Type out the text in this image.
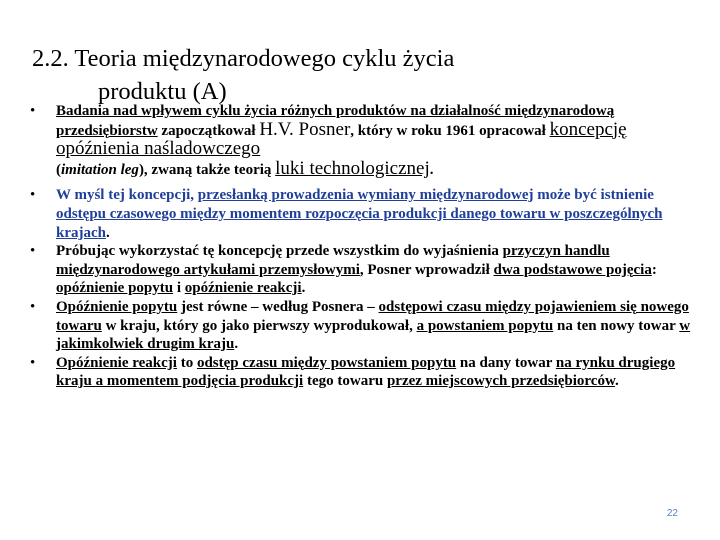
2.2. Teoria międzynarodowego cyklu życia
produktu (A)
• Badania nad wpływem cyklu życia różnych produktów na działalność międzynarodową przedsiębiorstw zapoczątkował H.V. Posner, który w roku 1961 opracował koncepcję opóźnienia naśladowczego
(imitation leg), zwaną także teorią luki technologicznej.
• W myśl tej koncepcji, przesłanką prowadzenia wymiany międzynarodowej może być istnienie odstępu czasowego między momentem rozpoczęcia produkcji danego towaru w poszczególnych krajach.
• Próbując wykorzystać tę koncepcję przede wszystkim do wyjaśnienia przyczyn handlu międzynarodowego artykułami przemysłowymi, Posner wprowadził dwa podstawowe pojęcia: opóźnienie popytu i opóźnienie reakcji.
• Opóźnienie popytu jest równe – według Posnera – odstępowi czasu między pojawieniem się nowego towaru w kraju, który go jako pierwszy wyprodukował, a powstaniem popytu na ten nowy towar w jakimkolwiek drugim kraju.
• Opóźnienie reakcji to odstęp czasu między powstaniem popytu na dany towar na rynku drugiego kraju a momentem podjęcia produkcji tego towaru przez miejscowych przedsiębiorców.
22
